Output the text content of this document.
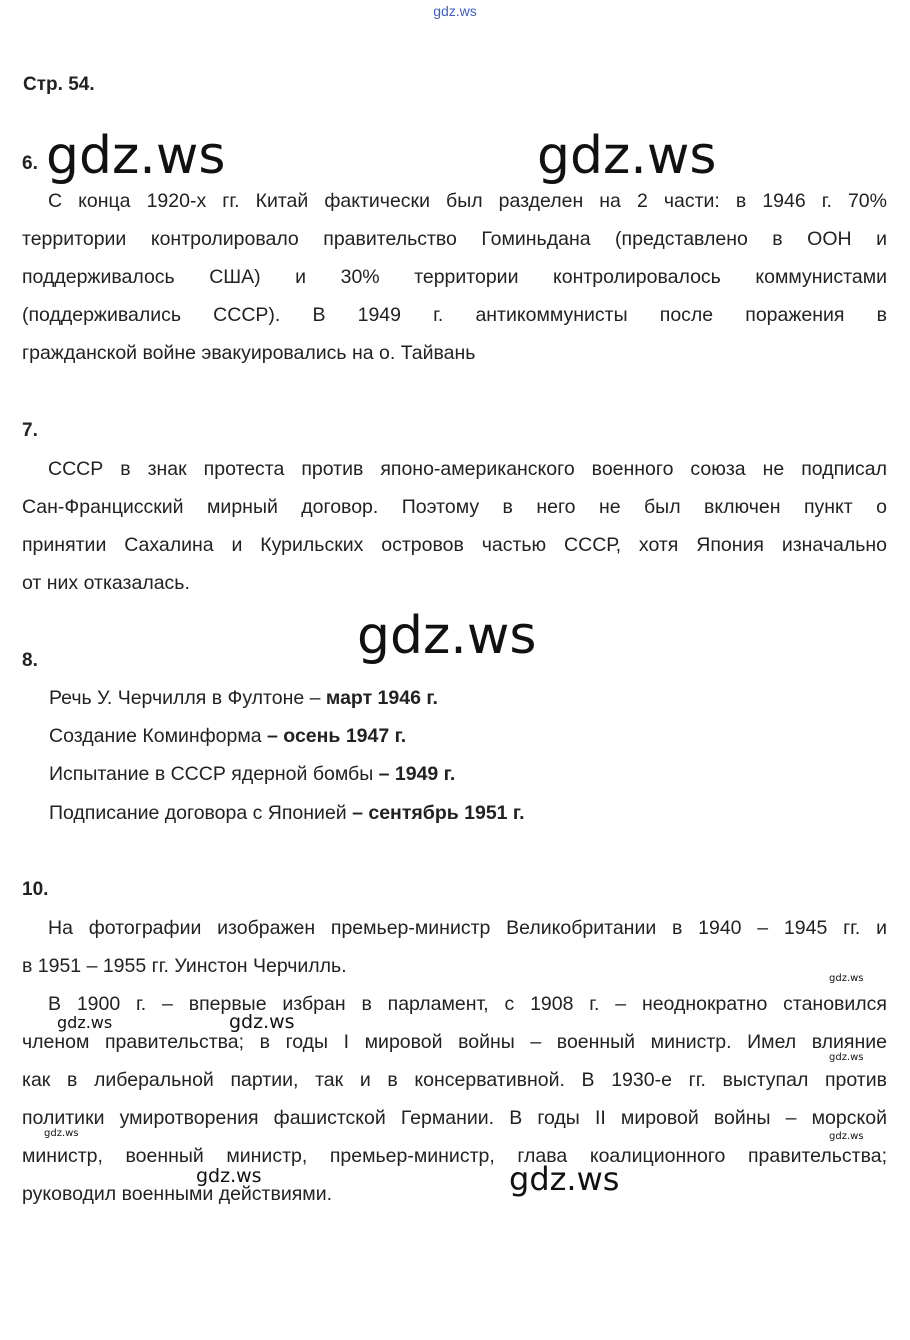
gdz.ws
Стр. 54.
6.
С конца 1920-х гг. Китай фактически был разделен на 2 части: в 1946 г. 70%
территории контролировало правительство Гоминьдана (представлено в ООН и
поддерживалось США) и 30% территории контролировалось коммунистами
(поддерживались СССР). В 1949 г. антикоммунисты после поражения в
гражданской войне эвакуировались на о. Тайвань
7.
СССР в знак протеста против японо-американского военного союза не подписал
Сан-Францисский мирный договор. Поэтому в него не был включен пункт о
принятии Сахалина и Курильских островов частью СССР, хотя Япония изначально
от них отказалась.
8.
Речь У. Черчилля в Фултоне – март 1946 г.
Создание Коминформа – осень 1947 г.
Испытание в СССР ядерной бомбы – 1949 г.
Подписание договора с Японией – сентябрь 1951 г.
10.
На фотографии изображен премьер-министр Великобритании в 1940 – 1945 гг. и
в 1951 – 1955 гг. Уинстон Черчилль.
В 1900 г. – впервые избран в парламент, с 1908 г. – неоднократно становился
членом правительства; в годы I мировой войны – военный министр. Имел влияние
как в либеральной партии, так и в консервативной. В 1930-е гг. выступал против
политики умиротворения фашистской Германии. В годы II мировой войны – морской
министр, военный министр, премьер-министр, глава коалиционного правительства;
руководил военными действиями.
gdz.ws	gdz.ws
gdz.ws
gdz.ws
gdz.ws
gdz.ws
gdz.ws
gdz.ws
gdz.ws
gdz.ws
gdz.ws
